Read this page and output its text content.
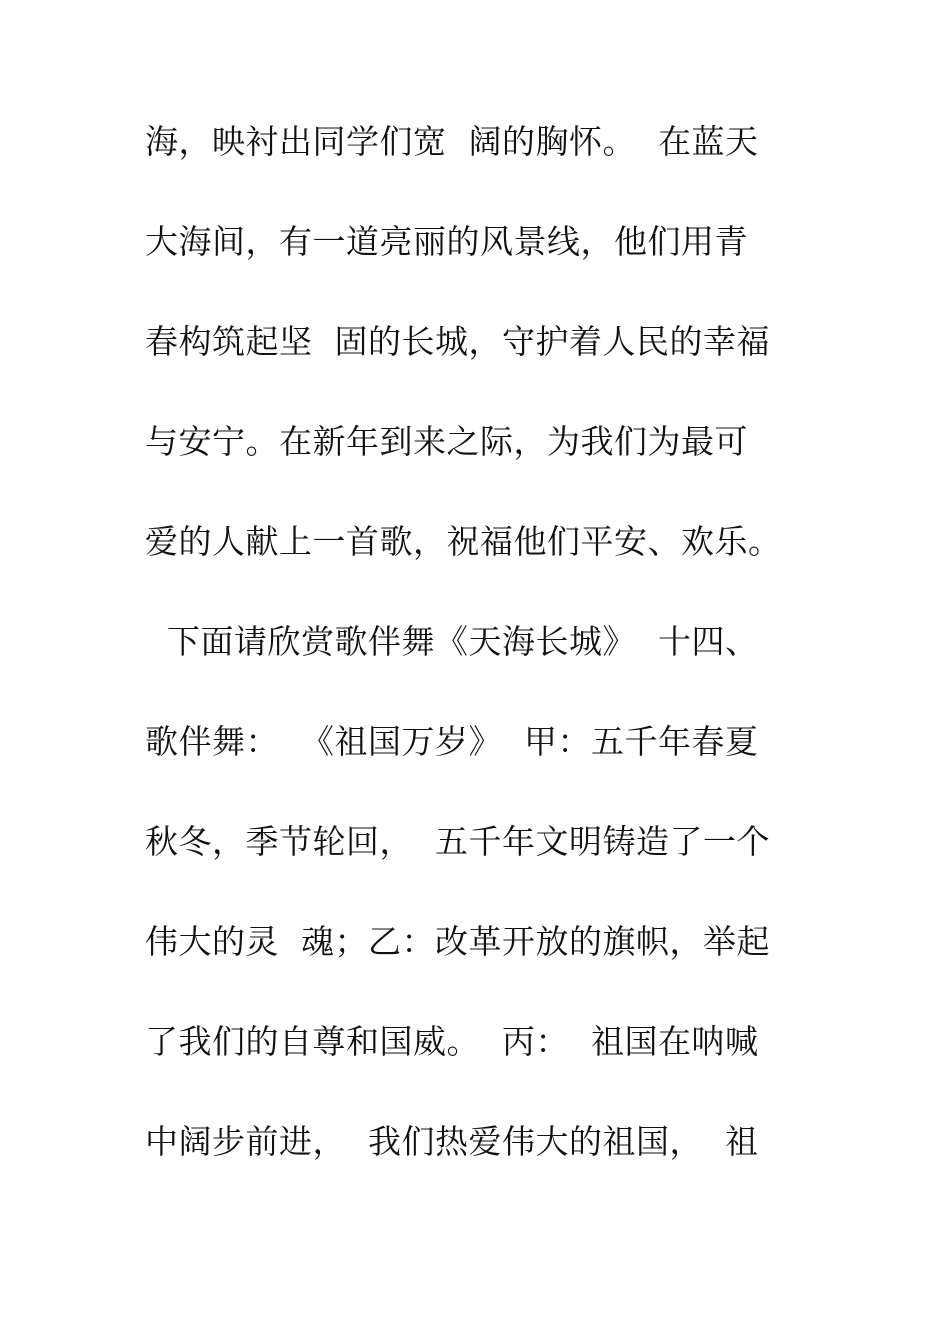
海，映衬出同学们宽  阔的胸怀。  在蓝天
大海间，有一道亮丽的风景线，他们用青
春构筑起坚  固的长城，守护着人民的幸福
与安宁。在新年到来之际，为我们为最可
爱的人献上一首歌，祝福他们平安、欢乐。
下面请欣赏歌伴舞《天海长城》  十四、
歌伴舞：  《祖国万岁》  甲：五千年春夏
秋冬，季节轮回，  五千年文明铸造了一个
伟大的灵  魂；乙：改革开放的旗帜，举起
了我们的自尊和国威。  丙：  祖国在呐喊
中阔步前进，  我们热爱伟大的祖国，  祖
